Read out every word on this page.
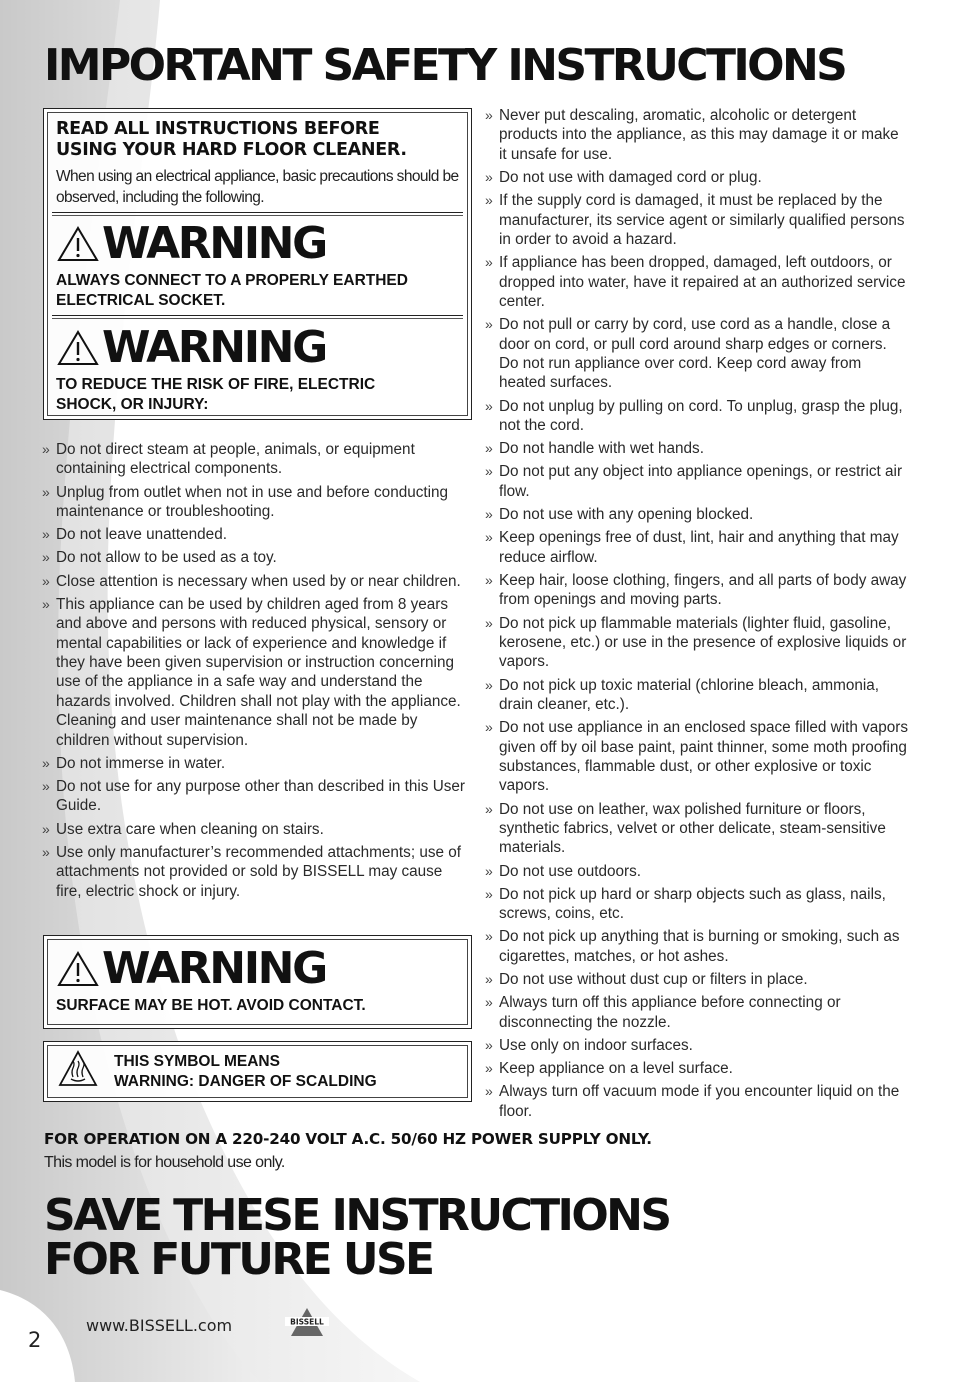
IMPORTANT SAFETY INSTRUCTIONS

READ ALL INSTRUCTIONS BEFORE
USING YOUR HARD FLOOR CLEANER.

When using an electrical appliance, basic precautions should be observed, including the following.

WARNING

ALWAYS CONNECT TO A PROPERLY EARTHED
ELECTRICAL SOCKET.

WARNING

TO REDUCE THE RISK OF FIRE, ELECTRIC
SHOCK, OR INJURY:

» Do not direct steam at people, animals, or equipment containing electrical components.
» Unplug from outlet when not in use and before conducting maintenance or troubleshooting.
» Do not leave unattended.
» Do not allow to be used as a toy.
» Close attention is necessary when used by or near children.
» This appliance can be used by children aged from 8 years and above and persons with reduced physical, sensory or mental capabilities or lack of experience and knowledge if they have been given supervision or instruction concerning use of the appliance in a safe way and understand the hazards involved. Children shall not play with the appliance. Cleaning and user maintenance shall not be made by children without supervision.
» Do not immerse in water.
» Do not use for any purpose other than described in this User Guide.
» Use extra care when cleaning on stairs.
» Use only manufacturer’s recommended attachments; use of attachments not provided or sold by BISSELL may cause fire, electric shock or injury.
» Never put descaling, aromatic, alcoholic or detergent products into the appliance, as this may damage it or make it unsafe for use.
» Do not use with damaged cord or plug.
» If the supply cord is damaged, it must be replaced by the manufacturer, its service agent or similarly qualified persons in order to avoid a hazard.
» If appliance has been dropped, damaged, left outdoors, or dropped into water, have it repaired at an authorized service center.
» Do not pull or carry by cord, use cord as a handle, close a door on cord, or pull cord around sharp edges or corners. Do not run appliance over cord. Keep cord away from heated surfaces.
» Do not unplug by pulling on cord. To unplug, grasp the plug, not the cord.
» Do not handle with wet hands.
» Do not put any object into appliance openings, or restrict air flow.
» Do not use with any opening blocked.
» Keep openings free of dust, lint, hair and anything that may reduce airflow.
» Keep hair, loose clothing, fingers, and all parts of body away from openings and moving parts.
» Do not pick up flammable materials (lighter fluid, gasoline, kerosene, etc.) or use in the presence of explosive liquids or vapors.
» Do not pick up toxic material (chlorine bleach, ammonia, drain cleaner, etc.).
» Do not use appliance in an enclosed space filled with vapors given off by oil base paint, paint thinner, some moth proofing substances, flammable dust, or other explosive or toxic vapors.
» Do not use on leather, wax polished furniture or floors, synthetic fabrics, velvet or other delicate, steam-sensitive materials.
» Do not use outdoors.
» Do not pick up hard or sharp objects such as glass, nails, screws, coins, etc.
» Do not pick up anything that is burning or smoking, such as cigarettes, matches, or hot ashes.
» Do not use without dust cup or filters in place.
» Always turn off this appliance before connecting or disconnecting the nozzle.
» Use only on indoor surfaces.
» Keep appliance on a level surface.
» Always turn off vacuum mode if you encounter liquid on the floor.
WARNING

SURFACE MAY BE HOT. AVOID CONTACT.

THIS SYMBOL MEANS
WARNING: DANGER OF SCALDING

FOR OPERATION ON A 220-240 VOLT A.C. 50/60 HZ POWER SUPPLY ONLY.

This model is for household use only.

SAVE THESE INSTRUCTIONS
FOR FUTURE USE
2
www.BISSELL.com	BISSELL
